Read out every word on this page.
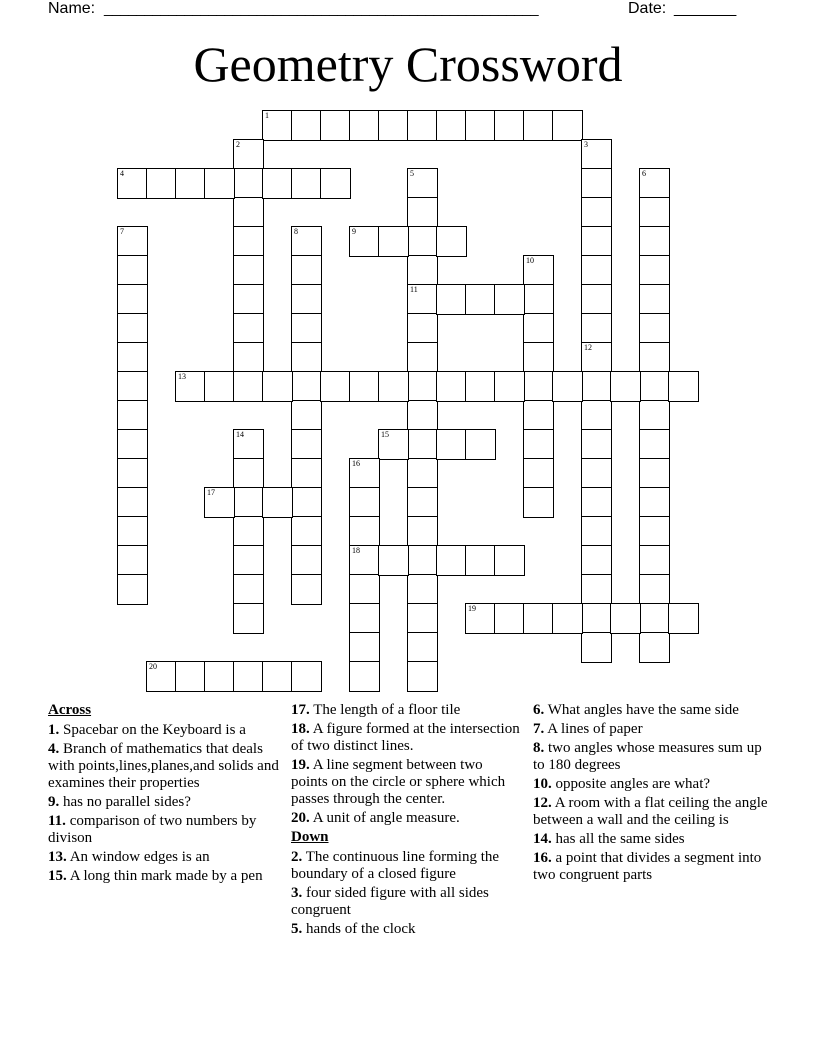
Name: ______________________________________________________	Date: _______
Geometry Crossword
1
2	3
12
4	5
11
6
7	8	9
10
13
14	15
16
18
17
19
20
Across
1. Spacebar on the Keyboard is a
4. Branch of mathematics that deals with points,lines,planes,and solids and examines their properties
9. has no parallel sides?
11. comparison of two numbers by divison
13. An window edges is an
15. A long thin mark made by a pen
17. The length of a floor tile
18. A figure formed at the intersection of two distinct lines.
19. A line segment between two points on the circle or sphere which passes through the center.
20. A unit of angle measure.
Down
2. The continuous line forming the boundary of a closed figure
3. four sided figure with all sides congruent
5. hands of the clock
6. What angles have the same side
7. A lines of paper
8. two angles whose measures sum up to 180 degrees
10. opposite angles are what?
12. A room with a flat ceiling the angle between a wall and the ceiling is
14. has all the same sides
16. a point that divides a segment into two congruent parts
